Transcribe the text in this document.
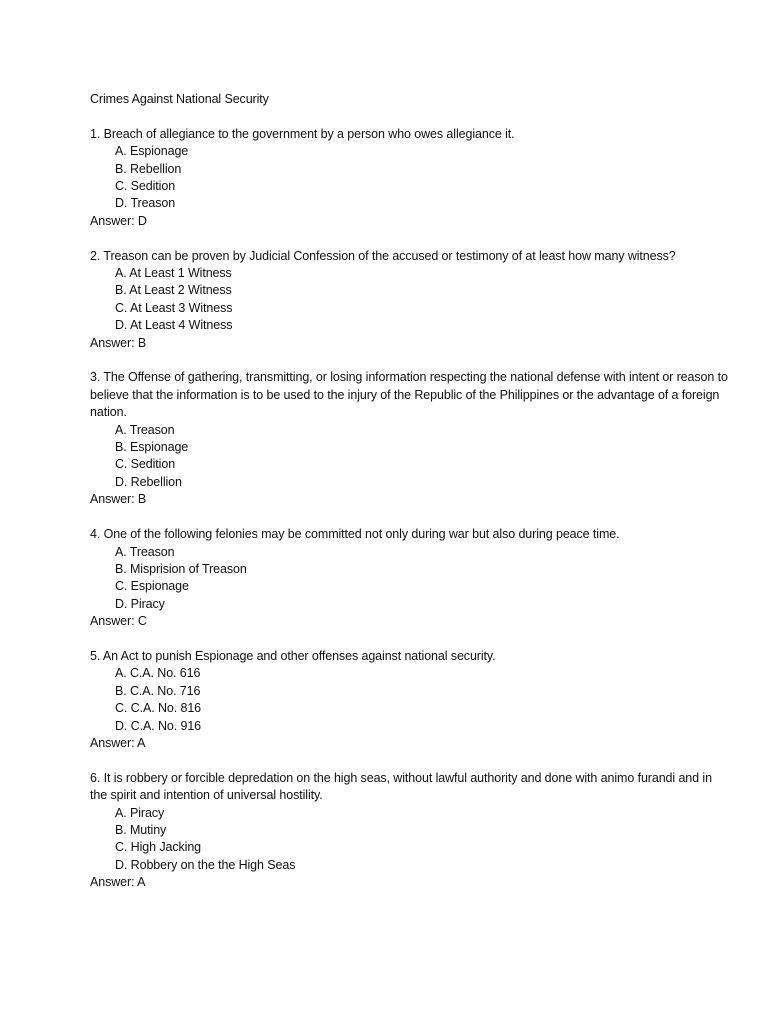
Crimes Against National Security
1. Breach of allegiance to the government by a person who owes allegiance it.
A. Espionage
B. Rebellion
C. Sedition
D. Treason
Answer: D
2. Treason can be proven by Judicial Confession of the accused or testimony of at least how many witness?
A. At Least 1 Witness
B. At Least 2 Witness
C. At Least 3 Witness
D. At Least 4 Witness
Answer: B
3. The Offense of gathering, transmitting, or losing information respecting the national defense with intent or reason to believe that the information is to be used to the injury of the Republic of the Philippines or the advantage of a foreign nation.
A. Treason
B. Espionage
C. Sedition
D. Rebellion
Answer: B
4. One of the following felonies may be committed not only during war but also during peace time.
A. Treason
B. Misprision of Treason
C. Espionage
D. Piracy
Answer: C
5. An Act to punish Espionage and other offenses against national security.
A. C.A. No. 616
B. C.A. No. 716
C. C.A. No. 816
D. C.A. No. 916
Answer: A
6. It is robbery or forcible depredation on the high seas, without lawful authority and done with animo furandi and in the spirit and intention of universal hostility.
A. Piracy
B. Mutiny
C. High Jacking
D. Robbery on the the High Seas
Answer: A
